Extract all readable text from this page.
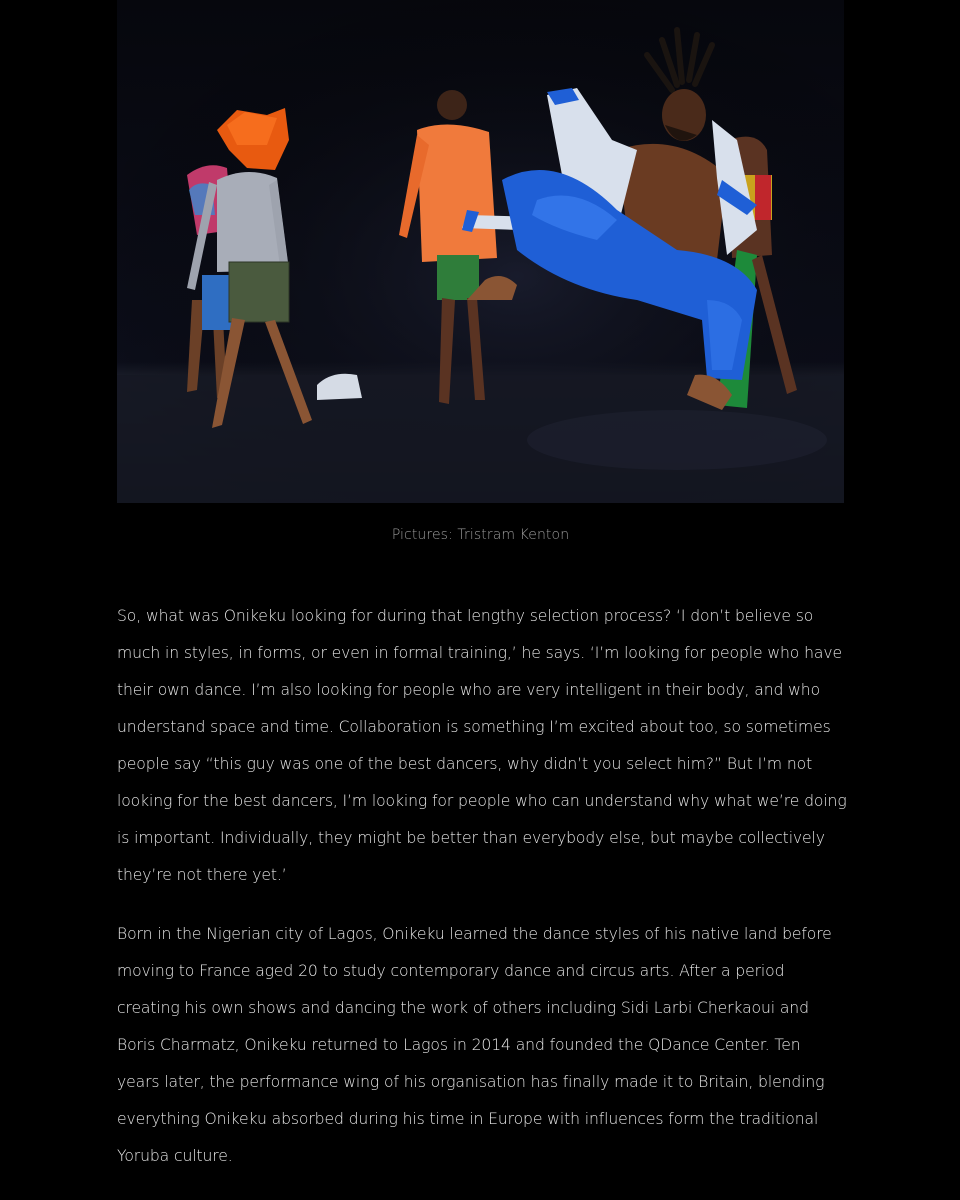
Pictures: Tristram Kenton

So, what was Onikeku looking for during that lengthy selection process? ‘I don’t believe so much in styles, in forms, or even in formal training,’ he says. ‘I’m looking for people who have their own dance. I’m also looking for people who are very intelligent in their body, and who understand space and time. Collaboration is something I’m excited about too, so sometimes people say “this guy was one of the best dancers, why didn’t you select him?” But I’m not looking for the best dancers, I’m looking for people who can understand why what we’re doing is important. Individually, they might be better than everybody else, but maybe collectively they’re not there yet.’

Born in the Nigerian city of Lagos, Onikeku learned the dance styles of his native land before moving to France aged 20 to study contemporary dance and circus arts. After a period creating his own shows and dancing the work of others including Sidi Larbi Cherkaoui and Boris Charmatz, Onikeku returned to Lagos in 2014 and founded the QDance Center. Ten years later, the performance wing of his organisation has finally made it to Britain, blending everything Onikeku absorbed during his time in Europe with influences form the traditional Yoruba culture.
